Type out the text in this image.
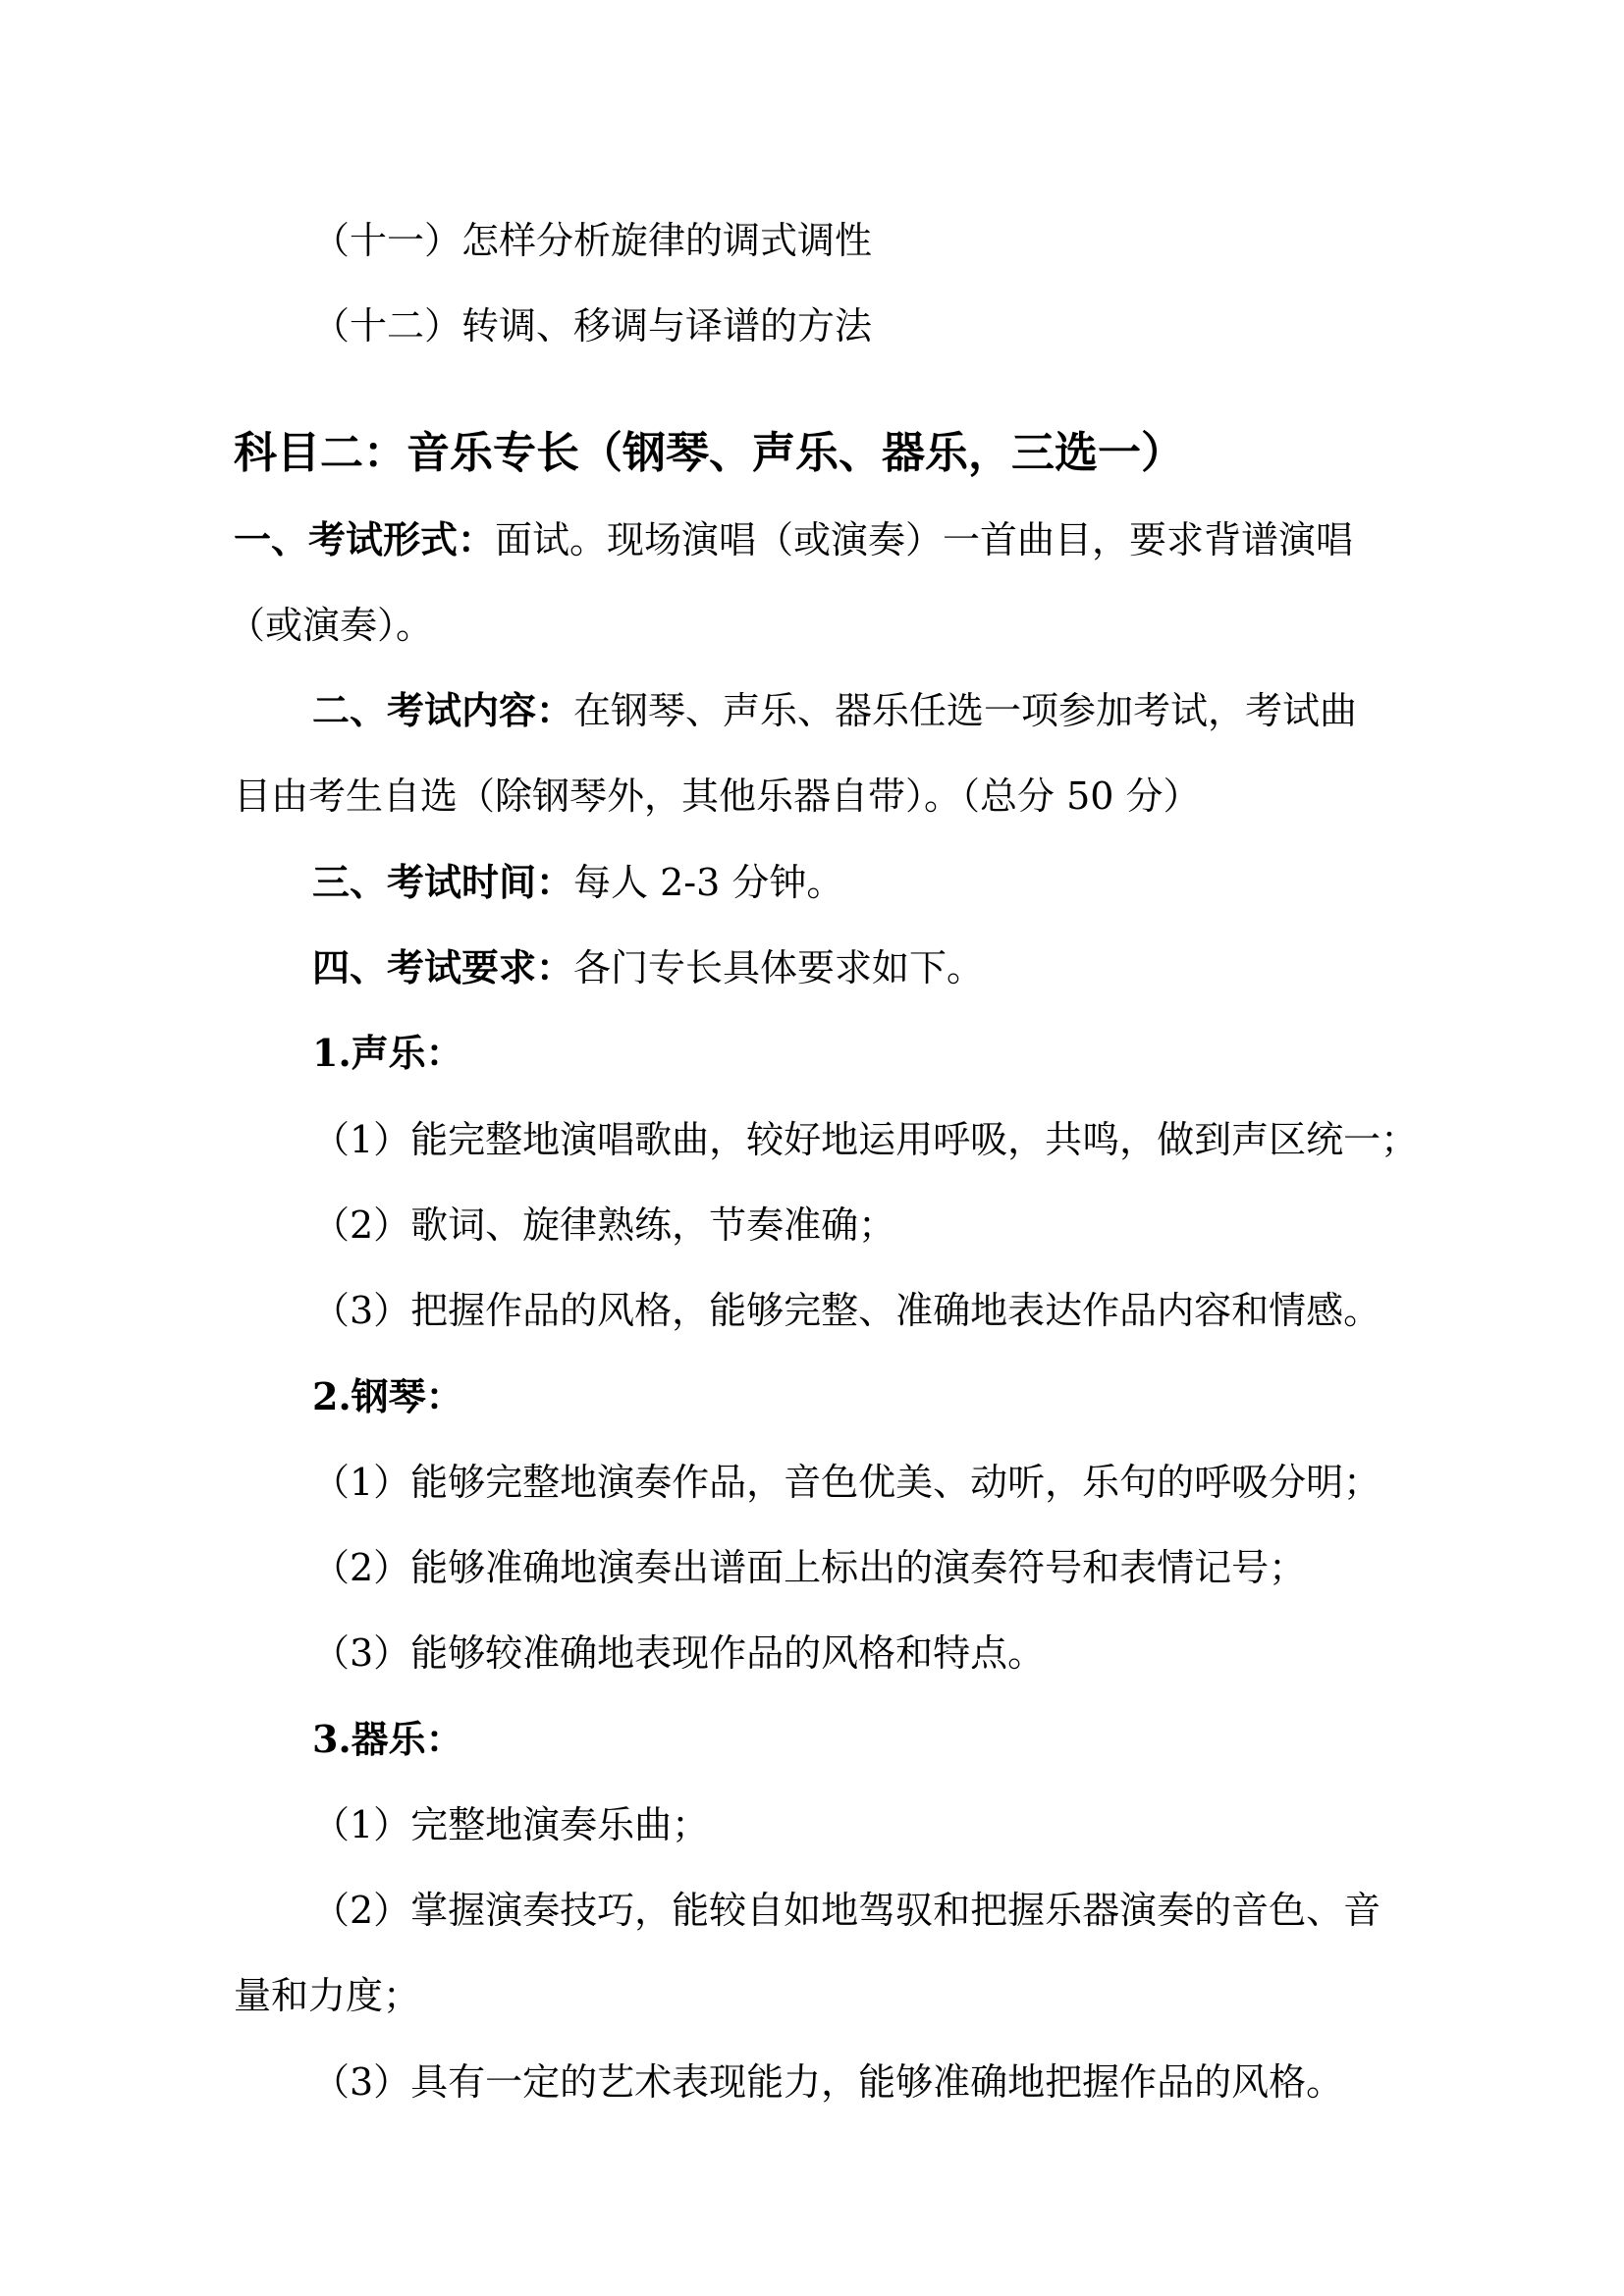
（十一）怎样分析旋律的调式调性
（十二）转调、移调与译谱的方法
科目二：音乐专长（钢琴、声乐、器乐，三选一）
一、考试形式：面试。现场演唱（或演奏）一首曲目，要求背谱演唱
（或演奏）。
二、考试内容：在钢琴、声乐、器乐任选一项参加考试，考试曲
目由考生自选（除钢琴外，其他乐器自带）。（总分 50 分）
三、考试时间：每人 2-3 分钟。
四、考试要求：各门专长具体要求如下。
1.声乐：
（1）能完整地演唱歌曲，较好地运用呼吸，共鸣，做到声区统一；
（2）歌词、旋律熟练，节奏准确；
（3）把握作品的风格，能够完整、准确地表达作品内容和情感。
2.钢琴：
（1）能够完整地演奏作品，音色优美、动听，乐句的呼吸分明；
（2）能够准确地演奏出谱面上标出的演奏符号和表情记号；
（3）能够较准确地表现作品的风格和特点。
3.器乐：
（1）完整地演奏乐曲；
（2）掌握演奏技巧，能较自如地驾驭和把握乐器演奏的音色、音
量和力度；
（3）具有一定的艺术表现能力，能够准确地把握作品的风格。
